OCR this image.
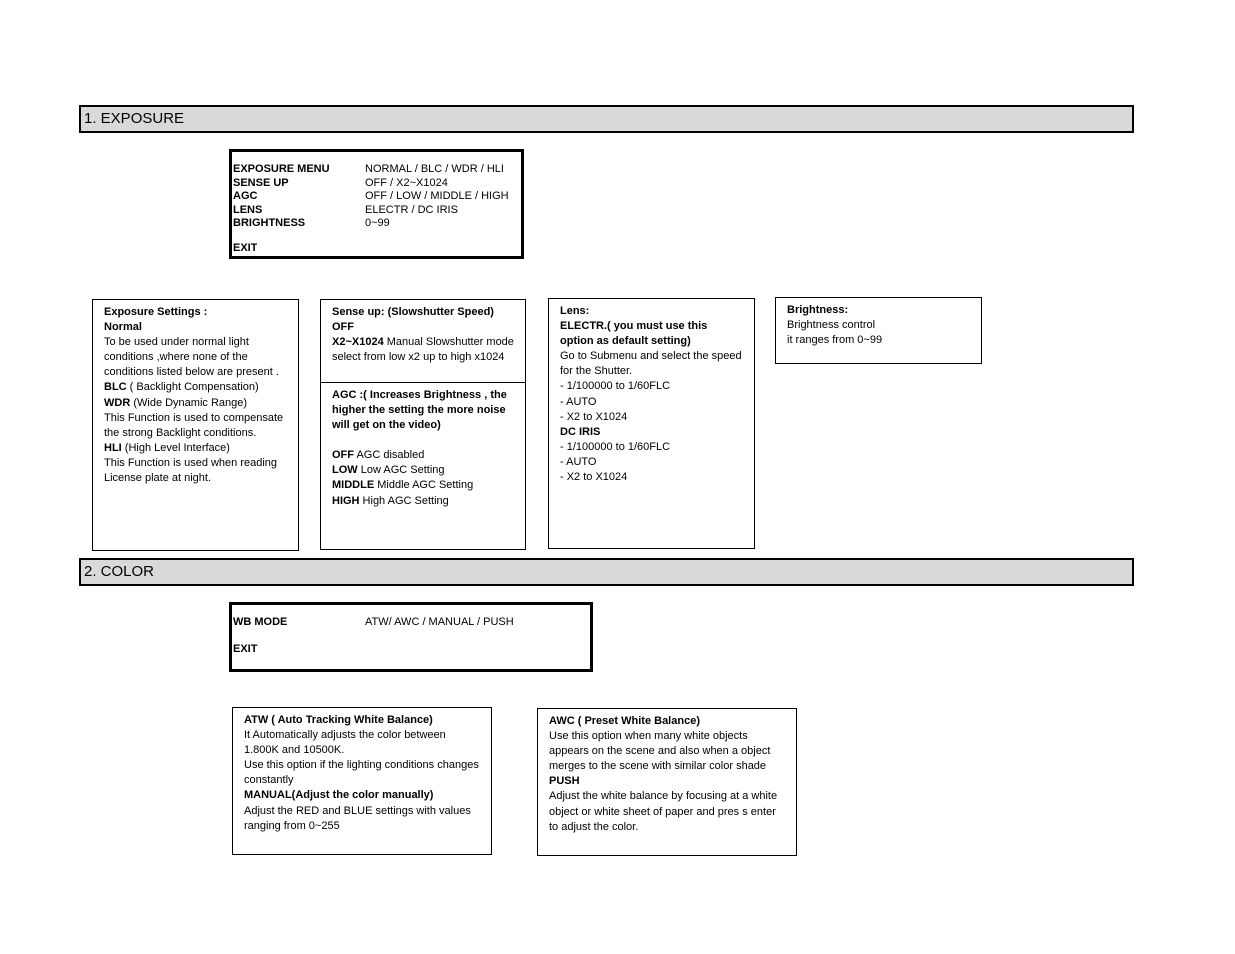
1. EXPOSURE
EXPOSURE MENU	NORMAL / BLC / WDR / HLI
SENSE UP	OFF / X2~X1024
AGC	OFF / LOW / MIDDLE / HIGH
LENS	ELECTR / DC IRIS
BRIGHTNESS	0~99
EXIT

Exposure Settings :

Normal

To be used under normal light conditions ,where none of the conditions listed below are present .

BLC ( Backlight Compensation)

WDR (Wide Dynamic Range)

This Function is used to compensate the strong Backlight conditions.

HLI (High Level Interface)

This Function is used when reading License plate at night.

Sense up: (Slowshutter Speed)

OFF

X2~X1024 Manual Slowshutter mode select from low x2 up to high x1024

AGC :( Increases Brightness , the higher the setting the more noise will get on the video)

OFF AGC disabled

LOW Low AGC Setting

MIDDLE Middle AGC Setting

HIGH High AGC Setting

Lens:

ELECTR.( you must use this option as default setting)

Go to Submenu and select the speed for the Shutter.

- 1/100000 to 1/60FLC

- AUTO

- X2 to X1024

DC IRIS

- 1/100000 to 1/60FLC

- AUTO

- X2 to X1024

Brightness:

Brightness control

it ranges from 0~99

2. COLOR
WB MODE	ATW/ AWC / MANUAL / PUSH
EXIT

ATW ( Auto Tracking White Balance)

It Automatically adjusts the color between 1.800K and 10500K.

Use this option if the lighting conditions changes constantly

MANUAL(Adjust the color manually)

Adjust the RED and BLUE settings with values ranging from 0~255

AWC ( Preset White Balance)

Use this option when many white objects appears on the scene and also when a object merges to the scene with similar color shade

PUSH

Adjust the white balance by focusing at a white object or white sheet of paper and pres s enter to adjust the color.
